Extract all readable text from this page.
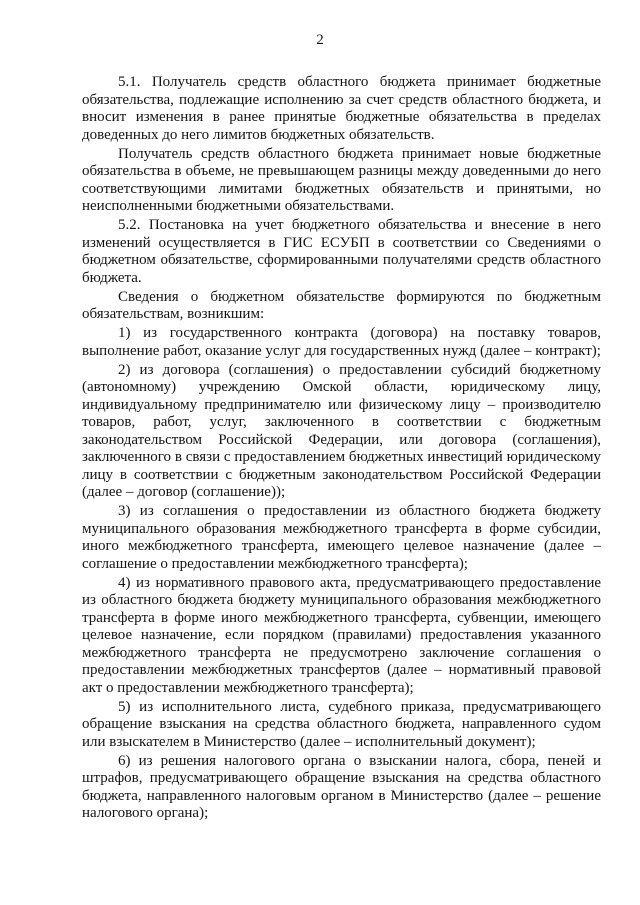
2

5.1. Получатель средств областного бюджета принимает бюджетные обязательства, подлежащие исполнению за счет средств областного бюджета, и вносит изменения в ранее принятые бюджетные обязательства в пределах доведенных до него лимитов бюджетных обязательств.

Получатель средств областного бюджета принимает новые бюджетные обязательства в объеме, не превышающем разницы между доведенными до него соответствующими лимитами бюджетных обязательств и принятыми, но неисполненными бюджетными обязательствами.

5.2. Постановка на учет бюджетного обязательства и внесение в него изменений осуществляется в ГИС ЕСУБП в соответствии со Сведениями о бюджетном обязательстве, сформированными получателями средств областного бюджета.

Сведения о бюджетном обязательстве формируются по бюджетным обязательствам, возникшим:

1) из государственного контракта (договора) на поставку товаров, выполнение работ, оказание услуг для государственных нужд (далее – контракт);

2) из договора (соглашения) о предоставлении субсидий бюджетному (автономному) учреждению Омской области, юридическому лицу, индивидуальному предпринимателю или физическому лицу – производителю товаров, работ, услуг, заключенного в соответствии с бюджетным законодательством Российской Федерации, или договора (соглашения), заключенного в связи с предоставлением бюджетных инвестиций юридическому лицу в соответствии с бюджетным законодательством Российской Федерации (далее – договор (соглашение));

3) из соглашения о предоставлении из областного бюджета бюджету муниципального образования межбюджетного трансферта в форме субсидии, иного межбюджетного трансферта, имеющего целевое назначение (далее – соглашение о предоставлении межбюджетного трансферта);

4) из нормативного правового акта, предусматривающего предоставление из областного бюджета бюджету муниципального образования межбюджетного трансферта в форме иного межбюджетного трансферта, субвенции, имеющего целевое назначение, если порядком (правилами) предоставления указанного межбюджетного трансферта не предусмотрено заключение соглашения о предоставлении межбюджетных трансфертов (далее – нормативный правовой акт о предоставлении межбюджетного трансферта);

5) из исполнительного листа, судебного приказа, предусматривающего обращение взыскания на средства областного бюджета, направленного судом или взыскателем в Министерство (далее – исполнительный документ);

6) из решения налогового органа о взыскании налога, сбора, пеней и штрафов, предусматривающего обращение взыскания на средства областного бюджета, направленного налоговым органом в Министерство (далее – решение налогового органа);
